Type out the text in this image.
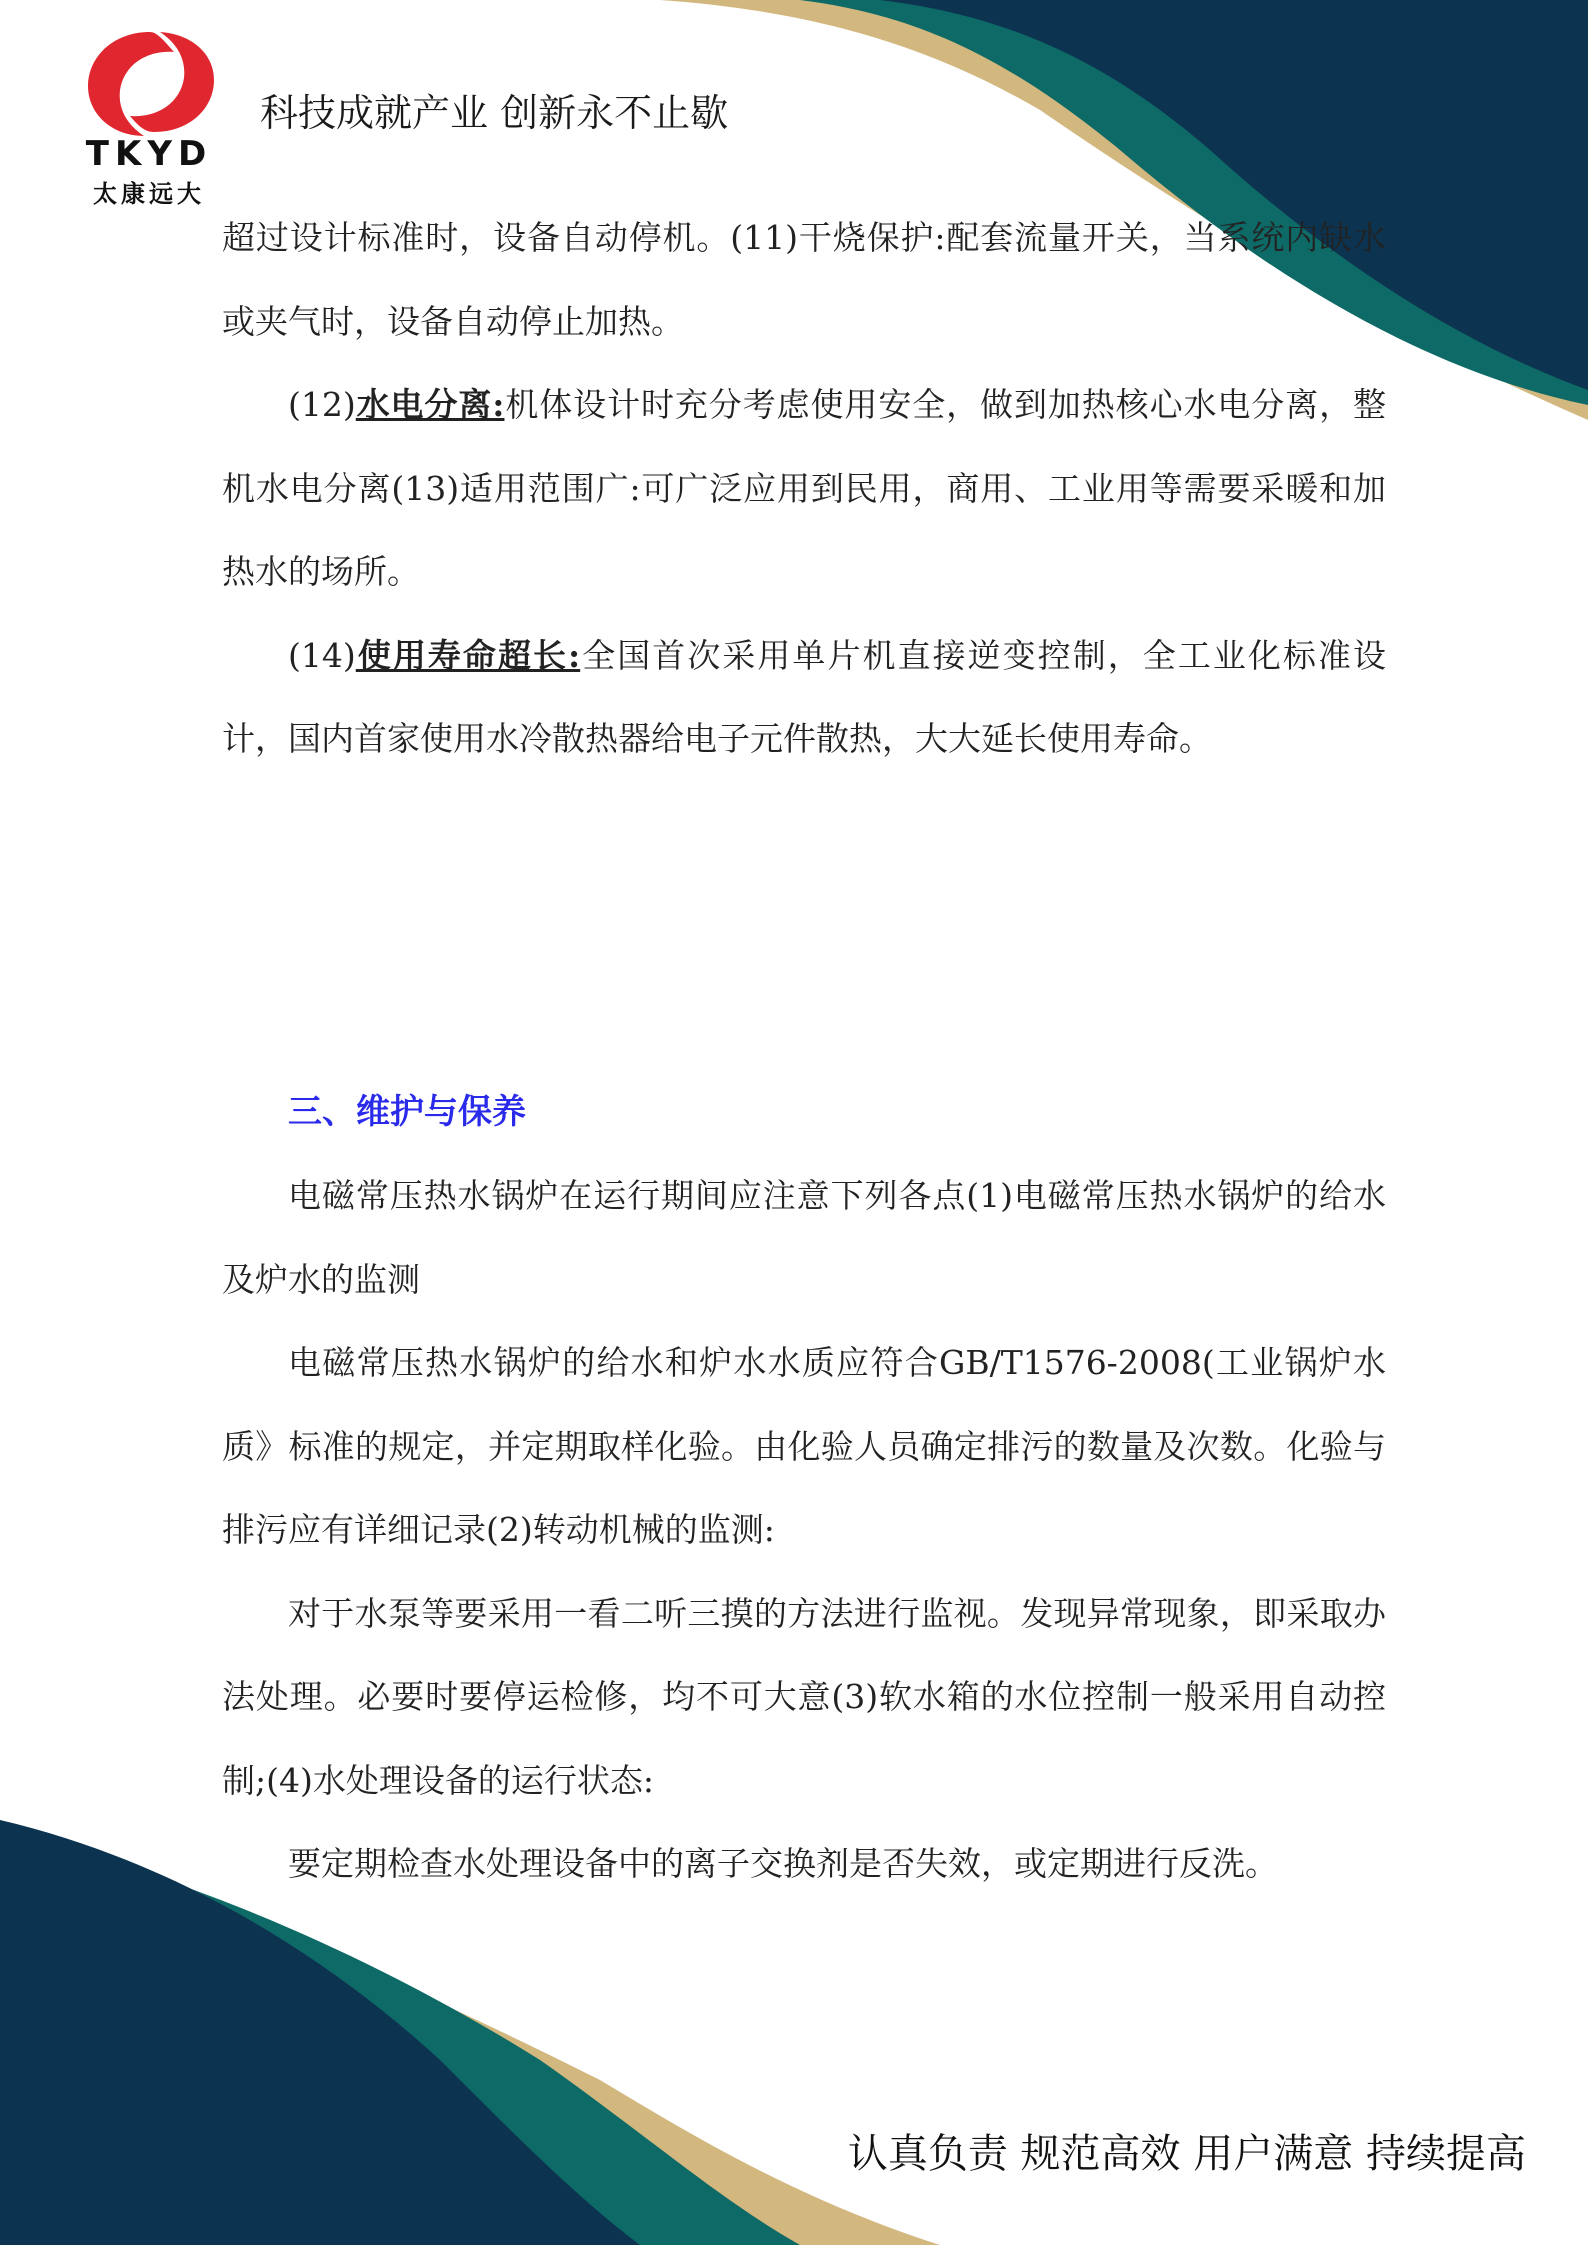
TKYD
太康远大
科技成就产业 创新永不止歇

超过设计标准时，设备自动停机。(11)干烧保护:配套流量开关，当系统内缺水或夹气时，设备自动停止加热。

(12)水电分离:机体设计时充分考虑使用安全，做到加热核心水电分离，整机水电分离(13)适用范围广:可广泛应用到民用，商用、工业用等需要采暖和加热水的场所。

(14)使用寿命超长:全国首次采用单片机直接逆变控制，全工业化标准设计，国内首家使用水冷散热器给电子元件散热，大大延长使用寿命。

三、维护与保养

电磁常压热水锅炉在运行期间应注意下列各点(1)电磁常压热水锅炉的给水及炉水的监测

电磁常压热水锅炉的给水和炉水水质应符合GB/T1576-2008(工业锅炉水质》标准的规定，并定期取样化验。由化验人员确定排污的数量及次数。化验与排污应有详细记录(2)转动机械的监测:

对于水泵等要采用一看二听三摸的方法进行监视。发现异常现象，即采取办法处理。必要时要停运检修，均不可大意(3)软水箱的水位控制一般采用自动控制;(4)水处理设备的运行状态:

要定期检查水处理设备中的离子交换剂是否失效，或定期进行反洗。

认真负责 规范高效 用户满意 持续提高
